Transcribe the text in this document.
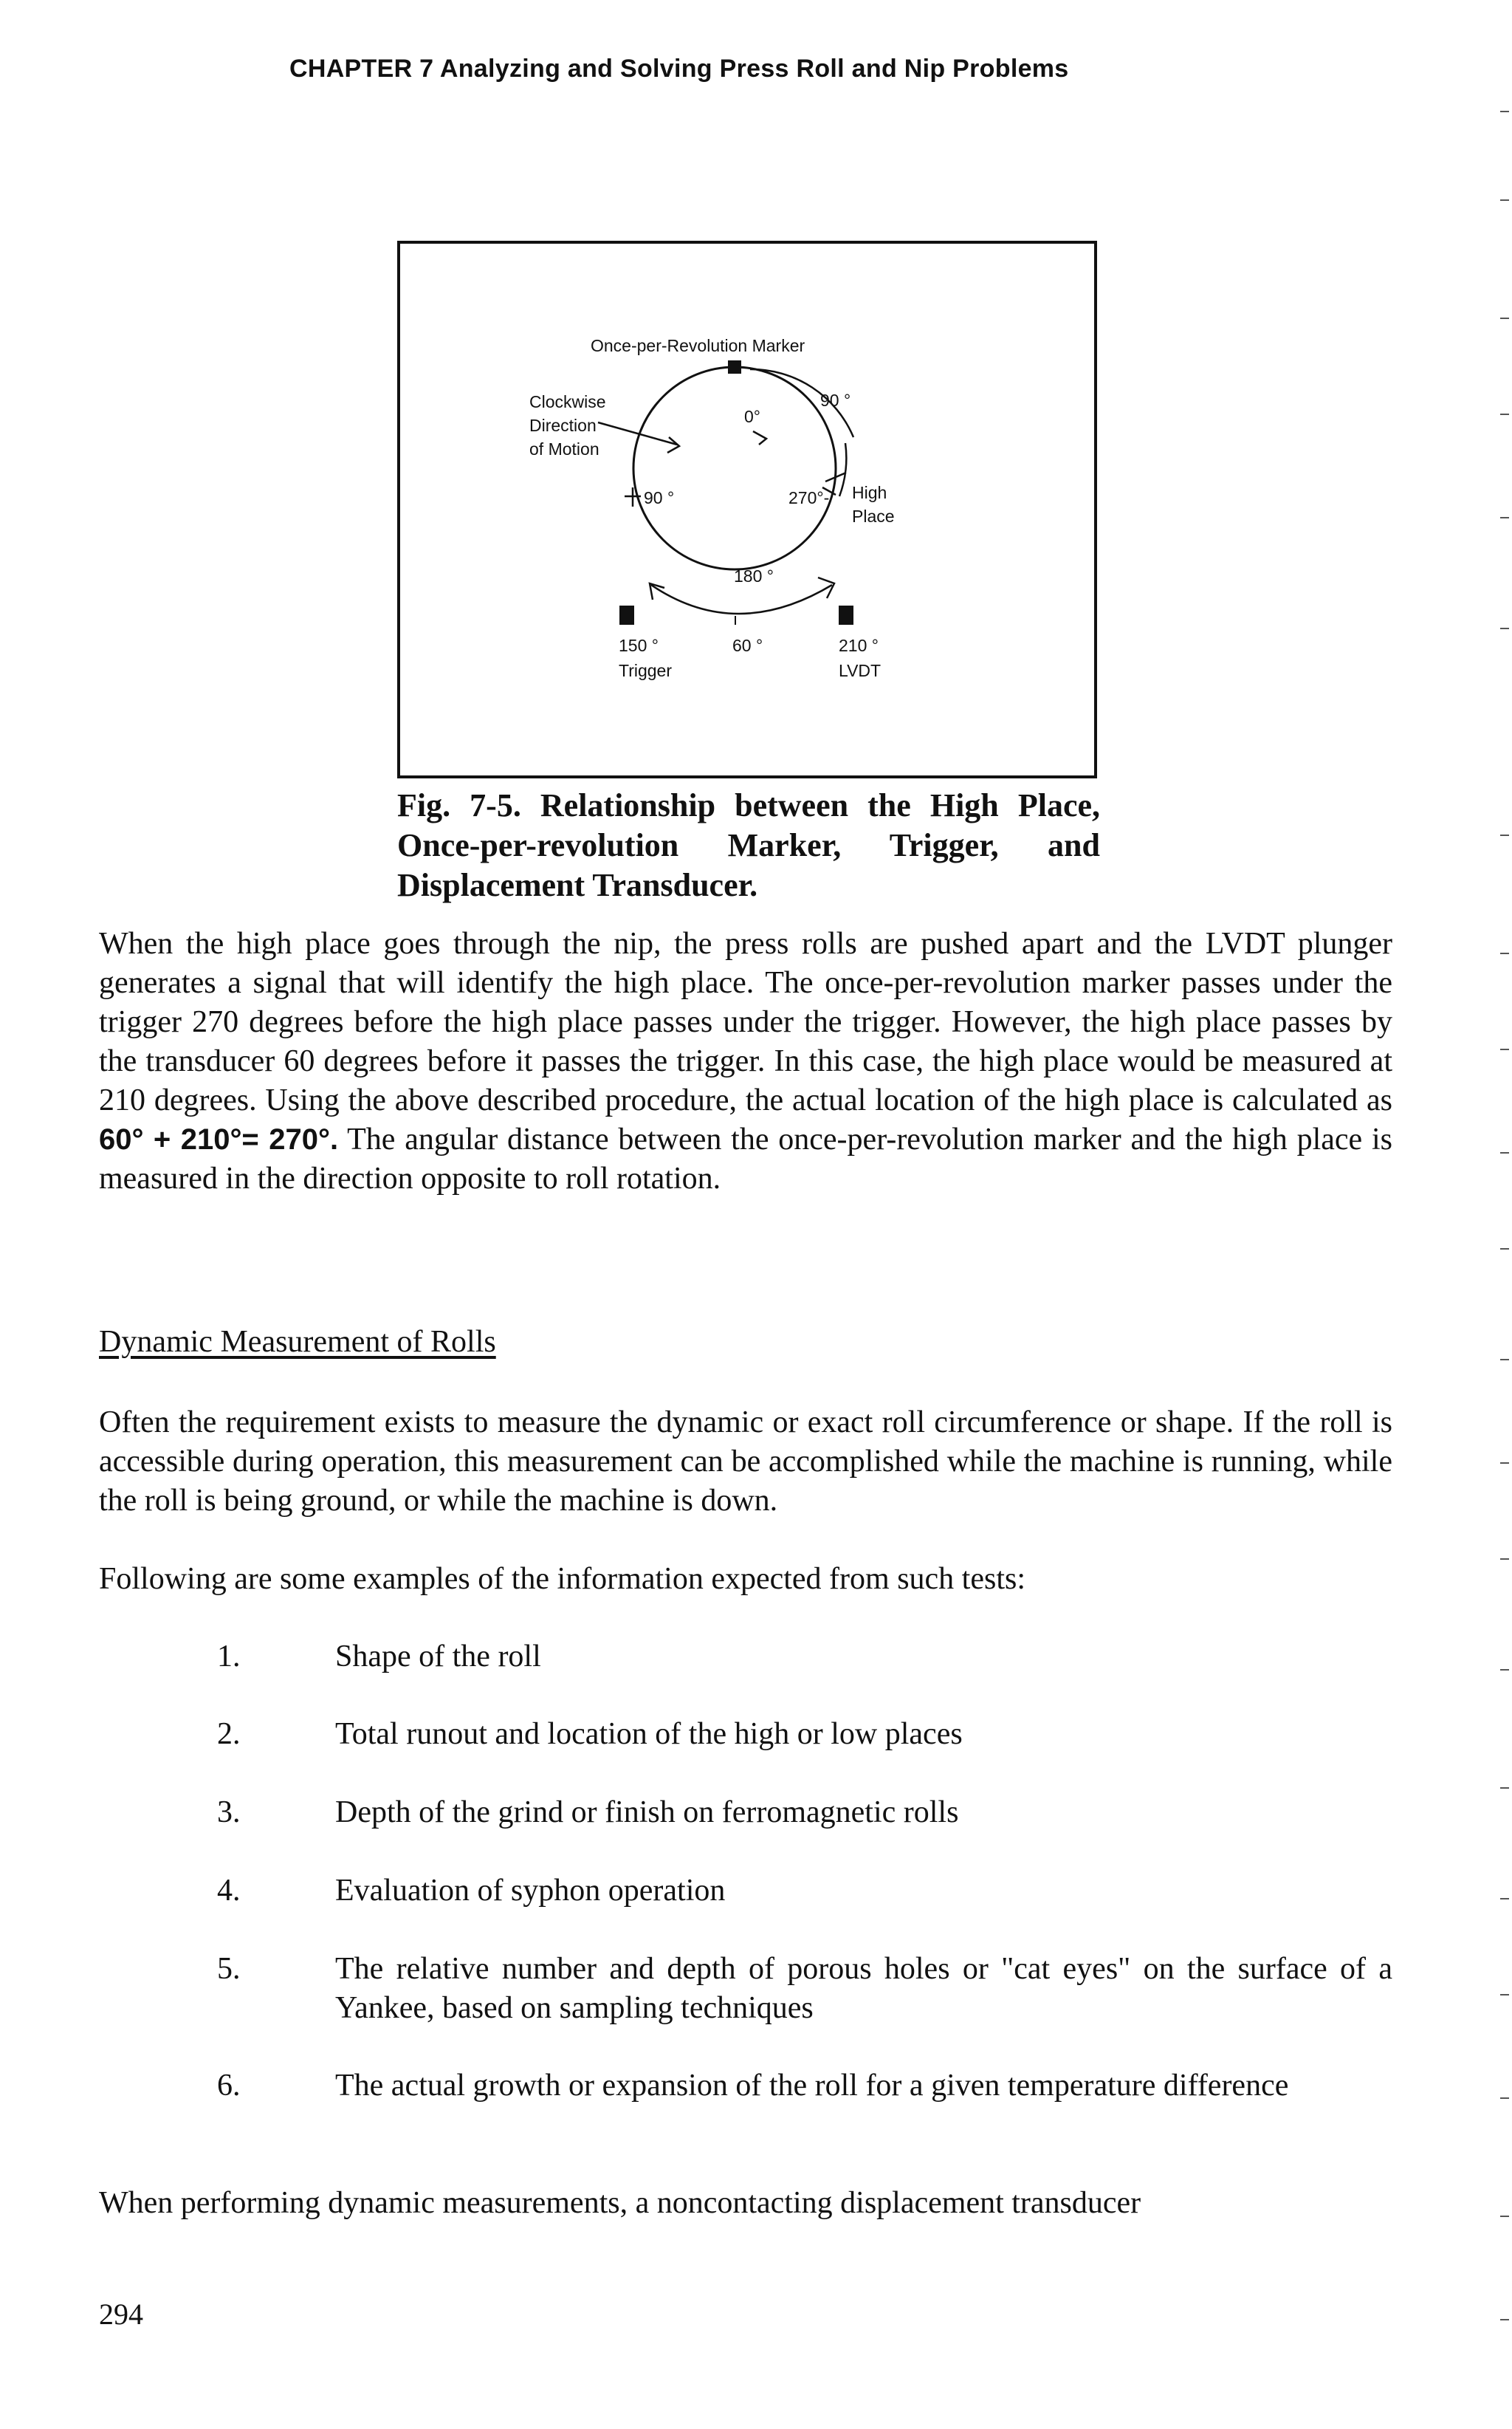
CHAPTER 7 Analyzing and Solving Press Roll and Nip Problems
Once-per-Revolution Marker
Clockwise
Direction
of Motion
0°
90 °
90 °	270°- High
Place
180 °
150 °	60 °	210 °
Trigger	LVDT
Fig. 7-5. Relationship between the High Place, Once-per-revolution Marker, Trigger, and Displacement Transducer.
When the high place goes through the nip, the press rolls are pushed apart and the LVDT plunger generates a signal that will identify the high place. The once-per-revolution marker passes under the trigger 270 degrees before the high place passes under the trigger. However, the high place passes by the transducer 60 degrees before it passes the trigger. In this case, the high place would be measured at 210 degrees. Using the above described procedure, the actual location of the high place is calculated as 60° + 210°= 270°. The angular distance between the once-per-revolution marker and the high place is measured in the direction opposite to roll rotation.
Dynamic Measurement of Rolls
Often the requirement exists to measure the dynamic or exact roll circumference or shape. If the roll is accessible during operation, this measurement can be accomplished while the machine is running, while the roll is being ground, or while the machine is down.
Following are some examples of the information expected from such tests:
1.	Shape of the roll
2.	Total runout and location of the high or low places
3.	Depth of the grind or finish on ferromagnetic rolls
4.	Evaluation of syphon operation
5.	The relative number and depth of porous holes or "cat eyes" on the surface of a Yankee, based on sampling techniques
6.	The actual growth or expansion of the roll for a given temperature difference
When performing dynamic measurements, a noncontacting displacement transducer
294
